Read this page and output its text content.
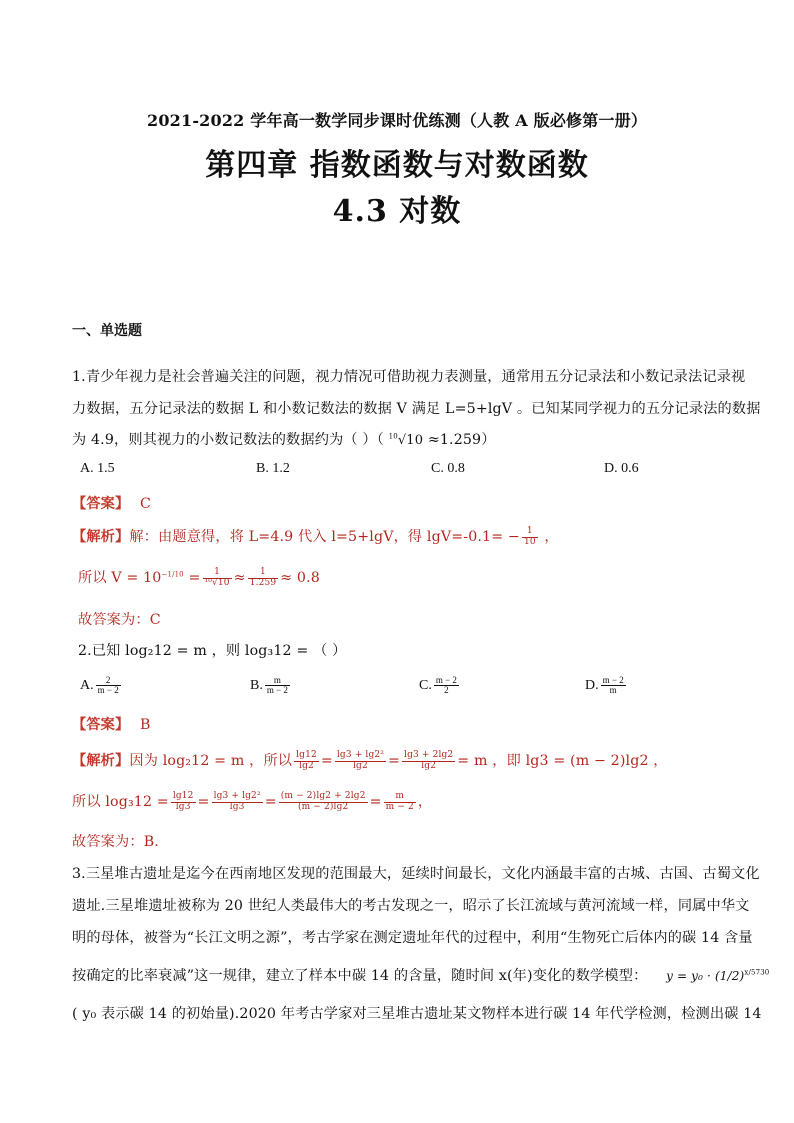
2021-2022 学年高一数学同步课时优练测（人教 A 版必修第一册）
第四章 指数函数与对数函数
4.3 对数
一、单选题
1.青少年视力是社会普遍关注的问题，视力情况可借助视力表测量，通常用五分记录法和小数记录法记录视
力数据，五分记录法的数据 L 和小数记数法的数据 V 满足 L=5+lgV 。已知某同学视力的五分记录法的数据
为 4.9，则其视力的小数记数法的数据约为（ ）（ $^{10}$√10 ≈1.259）
A. 1.5	B. 1.2	C. 0.8	D. 0.6
【答案】 C
【解析】解：由题意得，将 L=4.9 代入 l=5+lgV，得 $\lg V=-0.1= - \frac{1}{10}$ ，
所以 $V = 10^{-1/10} = \frac{1}{\text{¹⁰√10}} \approx \frac{1}{1.259} \approx 0.8$
故答案为：C
2.已知 log₂12 = m ，则 log₃12 = （ ）
A. $\frac{2}{m - 2}$	B. $\frac{m}{m - 2}$	C. $\frac{m - 2}{2}$	D. $\frac{m - 2}{m}$
【答案】 B
【解析】因为 log₂12 = m ，所以 $\frac{\lg 12}{\lg 2} = \frac{\text{lg3 + lg2²}}{\lg 2} = \frac{\lg 3 + 2\lg 2}{\lg 2} = m$ ，即 lg3 = (m − 2)lg2 ，
所以 $\log_312 = \frac{\lg 12}{\lg 3} = \frac{\text{lg3 + lg2²}}{\lg 3} = \frac{(m - 2)\lg 2 + 2\lg 2}{(m - 2)\lg 2} = \frac{m}{m - 2}$ ，
故答案为：B.
3.三星堆古遗址是迄今在西南地区发现的范围最大，延续时间最长，文化内涵最丰富的古城、古国、古蜀文化
遗址.三星堆遗址被称为 20 世纪人类最伟大的考古发现之一，昭示了长江流域与黄河流域一样，同属中华文
明的母体，被誉为“长江文明之源”，考古学家在测定遗址年代的过程中，利用“生物死亡后体内的碳 14 含量
按确定的比率衰减”这一规律，建立了样本中碳 14 的含量，随时间 x(年)变化的数学模型： $y = y_0 \cdot (1/2)^{x/5730}$
( y₀ 表示碳 14 的初始量).2020 年考古学家对三星堆古遗址某文物样本进行碳 14 年代学检测，检测出碳 14
